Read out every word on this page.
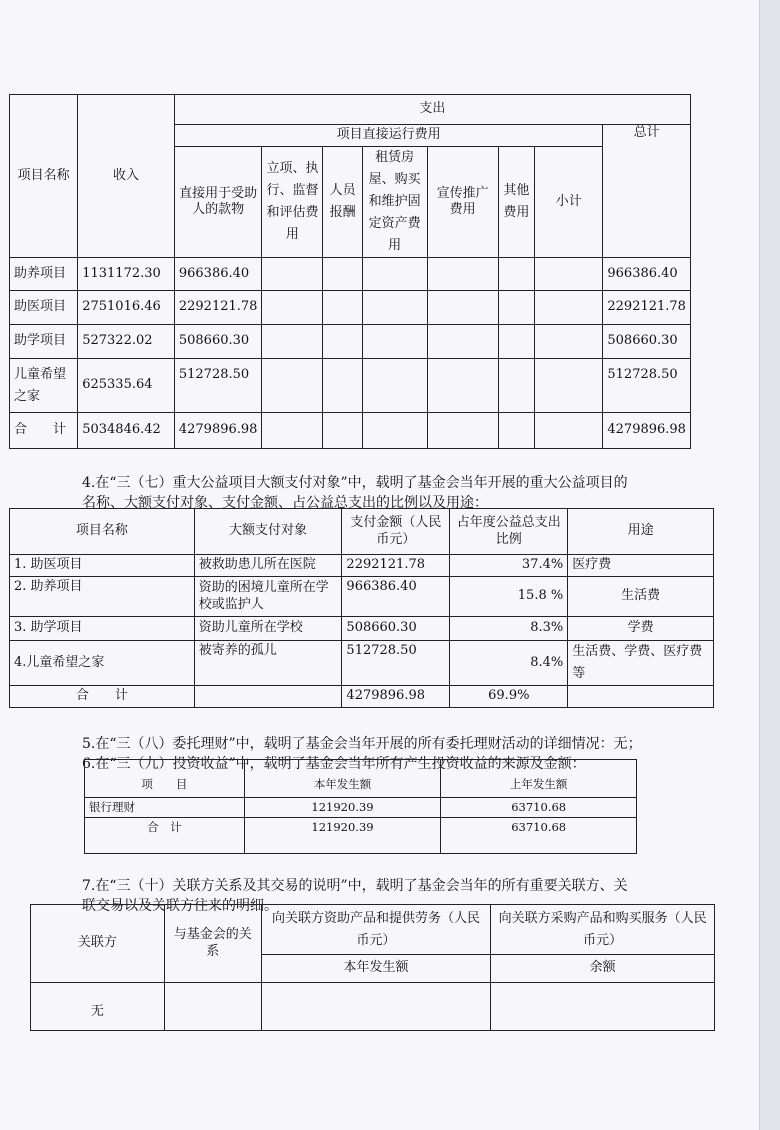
项目名称	收入	支出							
		项目直接运行费用							总计
		直接用于受助人的款物	立项、执行、监督和评估费用	人员报酬	租赁房屋、购买和维护固定资产费用	宣传推广费用	其他费用	小计	
助养项目	1131172.30	966386.40							966386.40
助医项目	2751016.46	2292121.78							2292121.78
助学项目	527322.02	508660.30							508660.30
儿童希望之家	625335.64	512728.50							512728.50
合　　计	5034846.42	4279896.98							4279896.98
4.在“三（七）重大公益项目大额支付对象”中，载明了基金会当年开展的重大公益项目的
名称、大额支付对象、支付金额、占公益总支出的比例以及用途：
项目名称	大额支付对象	支付金额（人民币元）	占年度公益总支出比例	用途
1. 助医项目	被救助患儿所在医院	2292121.78	37.4%	医疗费
2. 助养项目	资助的困境儿童所在学校或监护人	966386.40	15.8 %	生活费
3. 助学项目	资助儿童所在学校	508660.30	8.3%	学费
4.儿童希望之家	被寄养的孤儿	512728.50	8.4%	生活费、学费、医疗费等
合　　计		4279896.98	69.9%	
5.在“三（八）委托理财”中，载明了基金会当年开展的所有委托理财活动的详细情况：无；
6.在“三（九）投资收益”中，载明了基金会当年所有产生投资收益的来源及金额：
项　　目	本年发生额	上年发生额
银行理财	121920.39	63710.68
合　计	121920.39	63710.68
7.在“三（十）关联方关系及其交易的说明”中，载明了基金会当年的所有重要关联方、关
联交易以及关联方往来的明细。
关联方	与基金会的关系	向关联方资助产品和提供劳务（人民币元）	向关联方采购产品和购买服务（人民币元）
		本年发生额	余额
无			
